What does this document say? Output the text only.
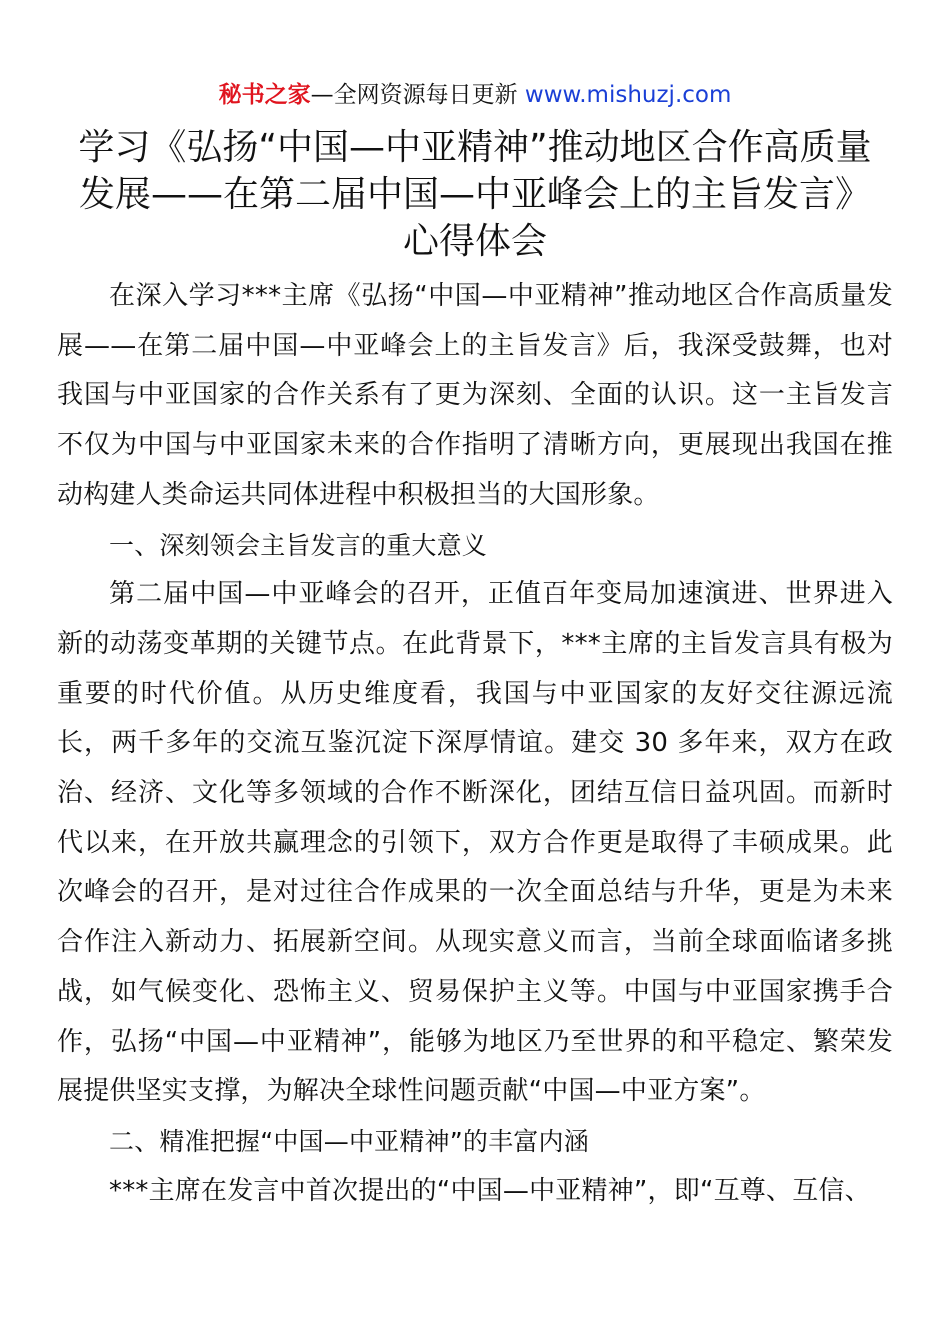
秘书之家—全网资源每日更新 www.mishuzj.com
学习《弘扬“中国—中亚精神”推动地区合作高质量
发展——在第二届中国—中亚峰会上的主旨发言》
心得体会

在深入学习***主席《弘扬“中国—中亚精神”推动地区合作高质量发展——在第二届中国—中亚峰会上的主旨发言》后，我深受鼓舞，也对我国与中亚国家的合作关系有了更为深刻、全面的认识。这一主旨发言不仅为中国与中亚国家未来的合作指明了清晰方向，更展现出我国在推动构建人类命运共同体进程中积极担当的大国形象。

一、深刻领会主旨发言的重大意义

第二届中国—中亚峰会的召开，正值百年变局加速演进、世界进入新的动荡变革期的关键节点。在此背景下，***主席的主旨发言具有极为重要的时代价值。从历史维度看，我国与中亚国家的友好交往源远流长，两千多年的交流互鉴沉淀下深厚情谊。建交 30 多年来，双方在政治、经济、文化等多领域的合作不断深化，团结互信日益巩固。而新时代以来，在开放共赢理念的引领下，双方合作更是取得了丰硕成果。此次峰会的召开，是对过往合作成果的一次全面总结与升华，更是为未来合作注入新动力、拓展新空间。从现实意义而言，当前全球面临诸多挑战，如气候变化、恐怖主义、贸易保护主义等。中国与中亚国家携手合作，弘扬“中国—中亚精神”，能够为地区乃至世界的和平稳定、繁荣发展提供坚实支撑，为解决全球性问题贡献“中国—中亚方案”。

二、精准把握“中国—中亚精神”的丰富内涵

***主席在发言中首次提出的“中国—中亚精神”，即“互尊、互信、
